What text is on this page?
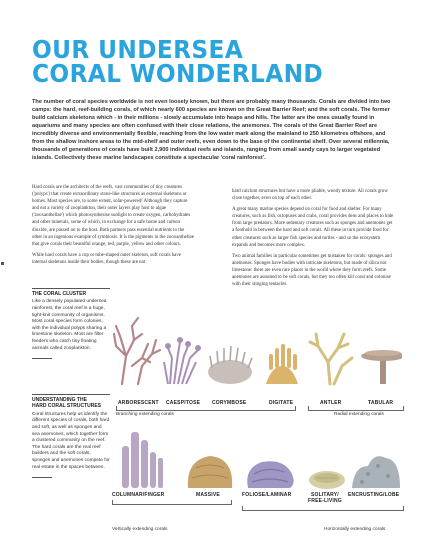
OUR UNDERSEA
CORAL WONDERLAND
The number of coral species worldwide is not even loosely known, but there are probably many thousands. Corals are divided into two camps: the hard, reef-building corals, of which nearly 600 species are known on the Great Barrier Reef; and the soft corals. The former build calcium skeletons which - in their millions - slowly accumulate into heaps and hills. The latter are the ones usually found in aquariums and many species are often confused with their close relations, the anemones. The corals of the Great Barrier Reef are incredibly diverse and environmentally flexible, reaching from the low water mark along the mainland to 250 kilometres offshore, and from the shallow inshore areas to the mid-shelf and outer reefs, even down to the base of the continental shelf. Over several millennia, thousands of generations of corals have built 2,900 individual reefs and islands, ranging from small sandy cays to larger vegetated islands. Collectively these marine landscapes constitute a spectacular 'coral rainforest'.

Hard corals are the architects of the reefs, vast communities of tiny creatures ('polyps') that create extraordinary stone-like structures as external skeletons or homes. Most species are, to some extent, solar-powered! Although they capture and eat a variety of zooplankton, their outer layers play host to algae ('zooxanthellae') which photosynthesise sunlight to create oxygen, carbohydrates and other minerals, some of which, in exchange for a safe home and carbon dioxide, are passed on to the host. Both partners pass essential nutrients to the other in an ingenious example of symbiosis. It is the pigments in the zooxanthellae that give corals their beautiful orange, red, purple, yellow and other colours.

While hard corals have a cup or tube-shaped outer skeleton, soft corals have internal skeletons inside their bodies, though these are not

hard calcium structures but have a more pliable, woody texture. All corals grow close together, even on top of each other.

A great many marine species depend on coral for food and shelter. For many creatures, such as fish, octopuses and crabs, coral provides dens and places to hide from large predators. More sedentary creatures such as sponges and anemones get a foothold in between the hard and soft corals. All these in turn provide food for other creatures such as larger fish species and turtles - and so the ecosystem expands and becomes more complex.

Two animal families in particular sometimes get mistaken for corals: sponges and anemones. Sponges have bodies with intricate skeletons, but made of silica not limestone: there are even rare places in the world where they form reefs. Some anemones are assumed to be soft corals, but they too often kill coral and colonise with their stinging tentacles.

THE CORAL CLUSTER
Like a densely populated undersea rainforest, the coral reef is a huge, tight-knit community of organisms. Most coral species form colonies, with the individual polyps sharing a limestone skeleton. Most are filter feeders who catch tiny floating animals called zooplankton.
UNDERSTANDING THE
HARD CORAL STRUCTURES
Coral structures help us identify the different species of corals, both hard and soft, as well as sponges and sea anemones, which together form a clustered community on the reef. The hard corals are the real reef builders and the soft corals, sponges and anemones compete for real estate in the spaces between.
ARBORESCENT CAESPITOSE CORYMBOSE	DIGITATE	ANTLER	TABULAR
Branching extending corals	Radial extending corals
COLUMNAR/FINGER	MASSIVE	FOLIOSE/LAMINAR	SOLITARY/
FREE-LIVING
ENCRUSTING/LOBE
Vertically extending corals	Horizontally extending corals
